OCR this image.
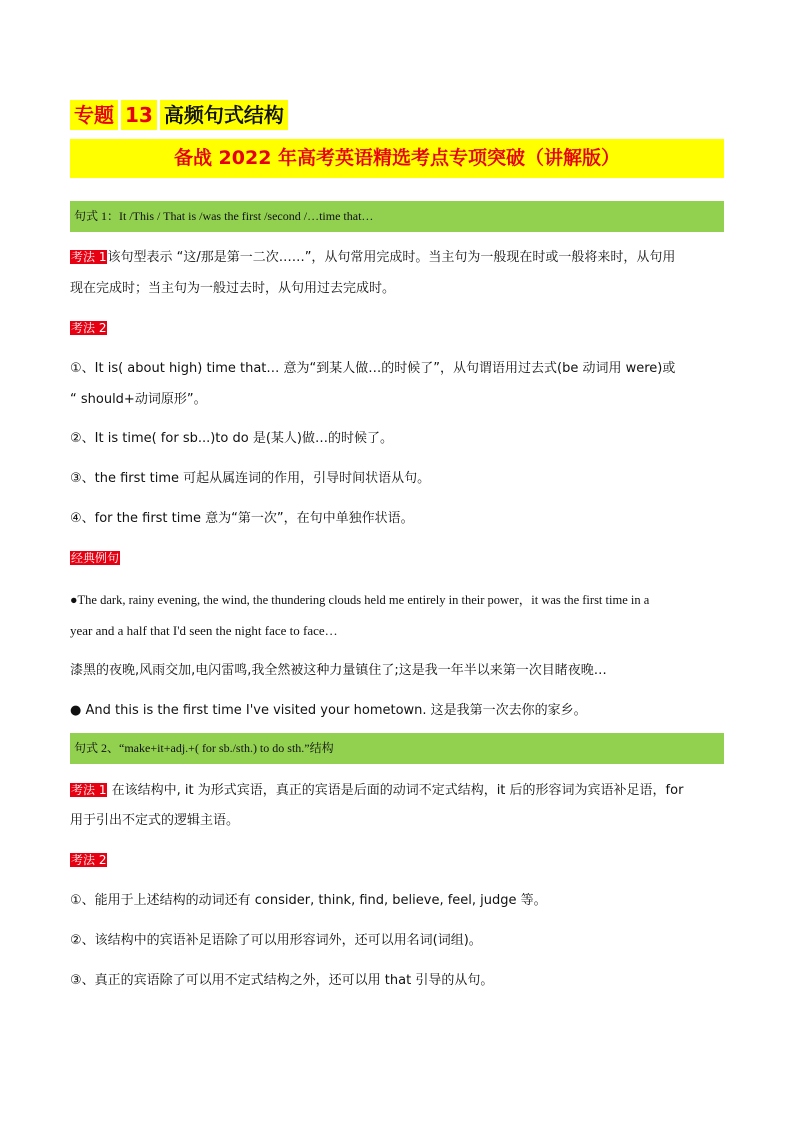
专题 13 高频句式结构
备战 2022 年高考英语精选考点专项突破（讲解版）
句式 1：It /This / That is /was the first /second /…time that…
考法 1该句型表示 “这/那是第一二次……”，从句常用完成时。当主句为一般现在时或一般将来时，从句用
现在完成时；当主句为一般过去时，从句用过去完成时。
考法 2
①、It is( about high) time that… 意为“到某人做…的时候了”，从句谓语用过去式(be 动词用 were)或
“ should+动词原形”。
②、It is time( for sb...)to do 是(某人)做…的时候了。
③、the first time 可起从属连词的作用，引导时间状语从句。
④、for the first time 意为“第一次”，在句中单独作状语。
经典例句
●The dark, rainy evening, the wind, the thundering clouds held me entirely in their power，it was the first time in a
year and a half that I'd seen the night face to face…
漆黑的夜晚,风雨交加,电闪雷鸣,我全然被这种力量镇住了;这是我一年半以来第一次目睹夜晚…
● And this is the first time I've visited your hometown. 这是我第一次去你的家乡。
句式 2、“make+it+adj.+( for sb./sth.) to do sth.”结构
考法 1 在该结构中, it 为形式宾语，真正的宾语是后面的动词不定式结构，it 后的形容词为宾语补足语，for
用于引出不定式的逻辑主语。
考法 2
①、能用于上述结构的动词还有 consider, think, find, believe, feel, judge 等。
②、该结构中的宾语补足语除了可以用形容词外，还可以用名词(词组)。
③、真正的宾语除了可以用不定式结构之外，还可以用 that 引导的从句。
